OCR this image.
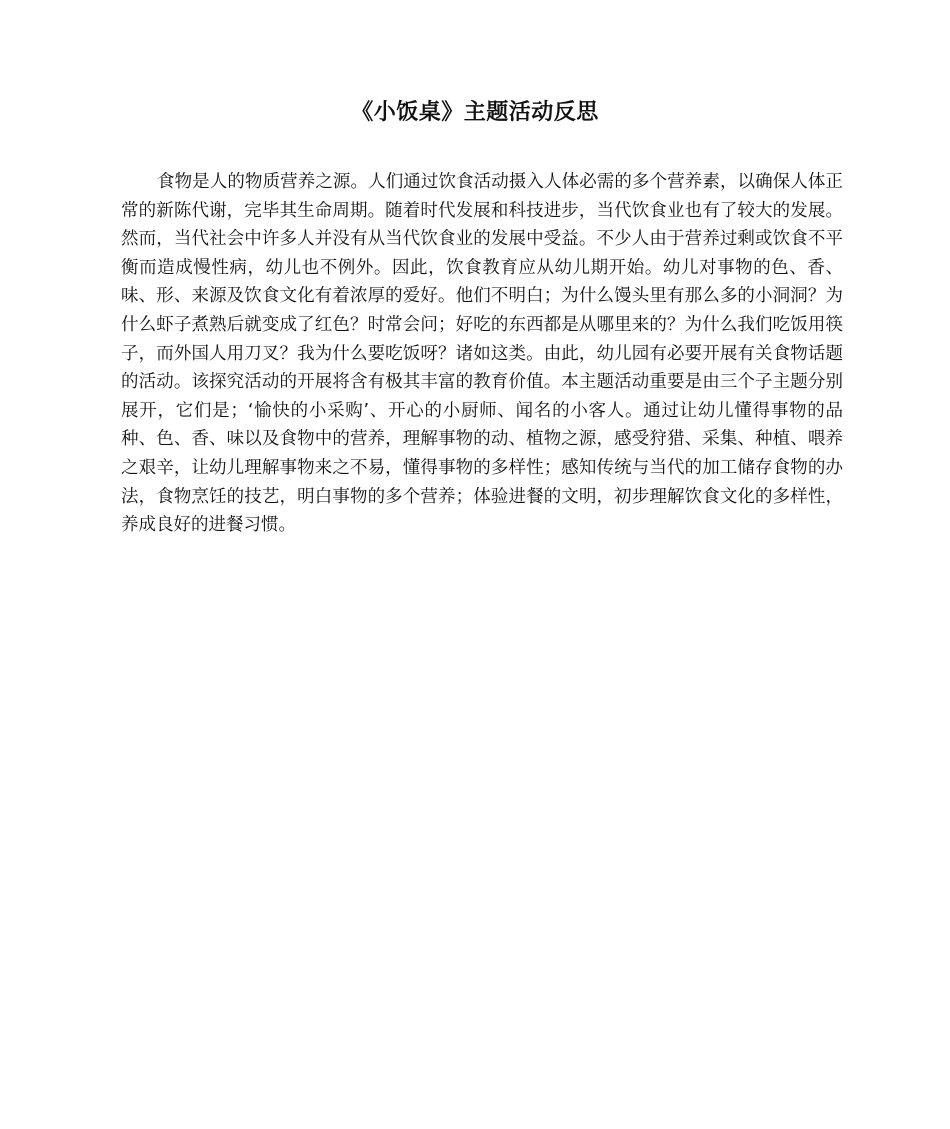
《小饭桌》主题活动反思

食物是人的物质营养之源。人们通过饮食活动摄入人体必需的多个营养素，以确保人体正常的新陈代谢，完毕其生命周期。随着时代发展和科技进步，当代饮食业也有了较大的发展。然而，当代社会中许多人并没有从当代饮食业的发展中受益。不少人由于营养过剩或饮食不平衡而造成慢性病，幼儿也不例外。因此，饮食教育应从幼儿期开始。幼儿对事物的色、香、味、形、来源及饮食文化有着浓厚的爱好。他们不明白；为什么馒头里有那么多的小洞洞？为什么虾子煮熟后就变成了红色？时常会问；好吃的东西都是从哪里来的？为什么我们吃饭用筷子，而外国人用刀叉？我为什么要吃饭呀？诸如这类。由此，幼儿园有必要开展有关食物话题的活动。该探究活动的开展将含有极其丰富的教育价值。本主题活动重要是由三个子主题分别展开，它们是；‘愉快的小采购’、开心的小厨师、闻名的小客人。通过让幼儿懂得事物的品种、色、香、味以及食物中的营养，理解事物的动、植物之源，感受狩猎、采集、种植、喂养之艰辛，让幼儿理解事物来之不易，懂得事物的多样性；感知传统与当代的加工储存食物的办法，食物烹饪的技艺，明白事物的多个营养；体验进餐的文明，初步理解饮食文化的多样性，养成良好的进餐习惯。
